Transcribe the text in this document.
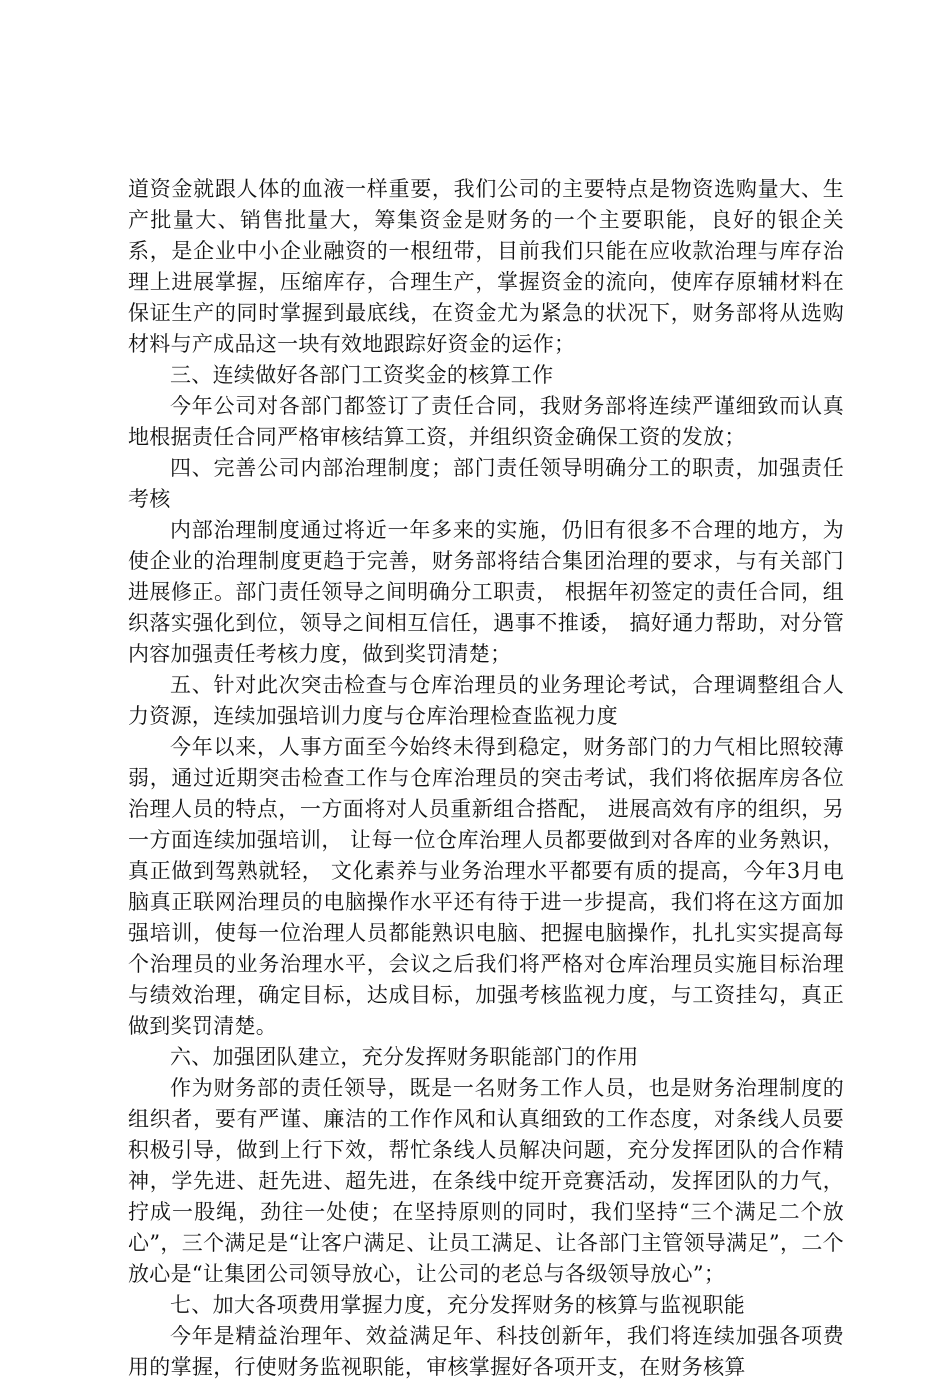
道资金就跟人体的血液一样重要，我们公司的主要特点是物资选购量大、生产批量大、销售批量大，筹集资金是财务的一个主要职能，良好的银企关系，是企业中小企业融资的一根纽带，目前我们只能在应收款治理与库存治理上进展掌握，压缩库存，合理生产，掌握资金的流向，使库存原辅材料在保证生产的同时掌握到最底线，在资金尤为紧急的状况下，财务部将从选购材料与产成品这一块有效地跟踪好资金的运作；

三、连续做好各部门工资奖金的核算工作

今年公司对各部门都签订了责任合同，我财务部将连续严谨细致而认真地根据责任合同严格审核结算工资，并组织资金确保工资的发放；

四、完善公司内部治理制度；部门责任领导明确分工的职责，加强责任考核

内部治理制度通过将近一年多来的实施，仍旧有很多不合理的地方，为使企业的治理制度更趋于完善，财务部将结合集团治理的要求，与有关部门进展修正。部门责任领导之间明确分工职责， 根据年初签定的责任合同，组织落实强化到位，领导之间相互信任，遇事不推诿， 搞好通力帮助，对分管内容加强责任考核力度，做到奖罚清楚；

五、针对此次突击检查与仓库治理员的业务理论考试，合理调整组合人力资源，连续加强培训力度与仓库治理检查监视力度

今年以来，人事方面至今始终未得到稳定，财务部门的力气相比照较薄弱，通过近期突击检查工作与仓库治理员的突击考试，我们将依据库房各位治理人员的特点，一方面将对人员重新组合搭配， 进展高效有序的组织，另一方面连续加强培训， 让每一位仓库治理人员都要做到对各库的业务熟识，真正做到驾熟就轻， 文化素养与业务治理水平都要有质的提高，今年3月电脑真正联网治理员的电脑操作水平还有待于进一步提高，我们将在这方面加强培训，使每一位治理人员都能熟识电脑、把握电脑操作，扎扎实实提高每个治理员的业务治理水平，会议之后我们将严格对仓库治理员实施目标治理与绩效治理，确定目标，达成目标，加强考核监视力度，与工资挂勾，真正做到奖罚清楚。

六、加强团队建立，充分发挥财务职能部门的作用

作为财务部的责任领导，既是一名财务工作人员，也是财务治理制度的组织者，要有严谨、廉洁的工作作风和认真细致的工作态度，对条线人员要积极引导，做到上行下效，帮忙条线人员解决问题，充分发挥团队的合作精神，学先进、赶先进、超先进，在条线中绽开竞赛活动，发挥团队的力气，拧成一股绳，劲往一处使；在坚持原则的同时，我们坚持“三个满足二个放心”，三个满足是“让客户满足、让员工满足、让各部门主管领导满足”，二个放心是“让集团公司领导放心，让公司的老总与各级领导放心”；

七、加大各项费用掌握力度，充分发挥财务的核算与监视职能

今年是精益治理年、效益满足年、科技创新年，我们将连续加强各项费用的掌握，行使财务监视职能，审核掌握好各项开支，在财务核算
